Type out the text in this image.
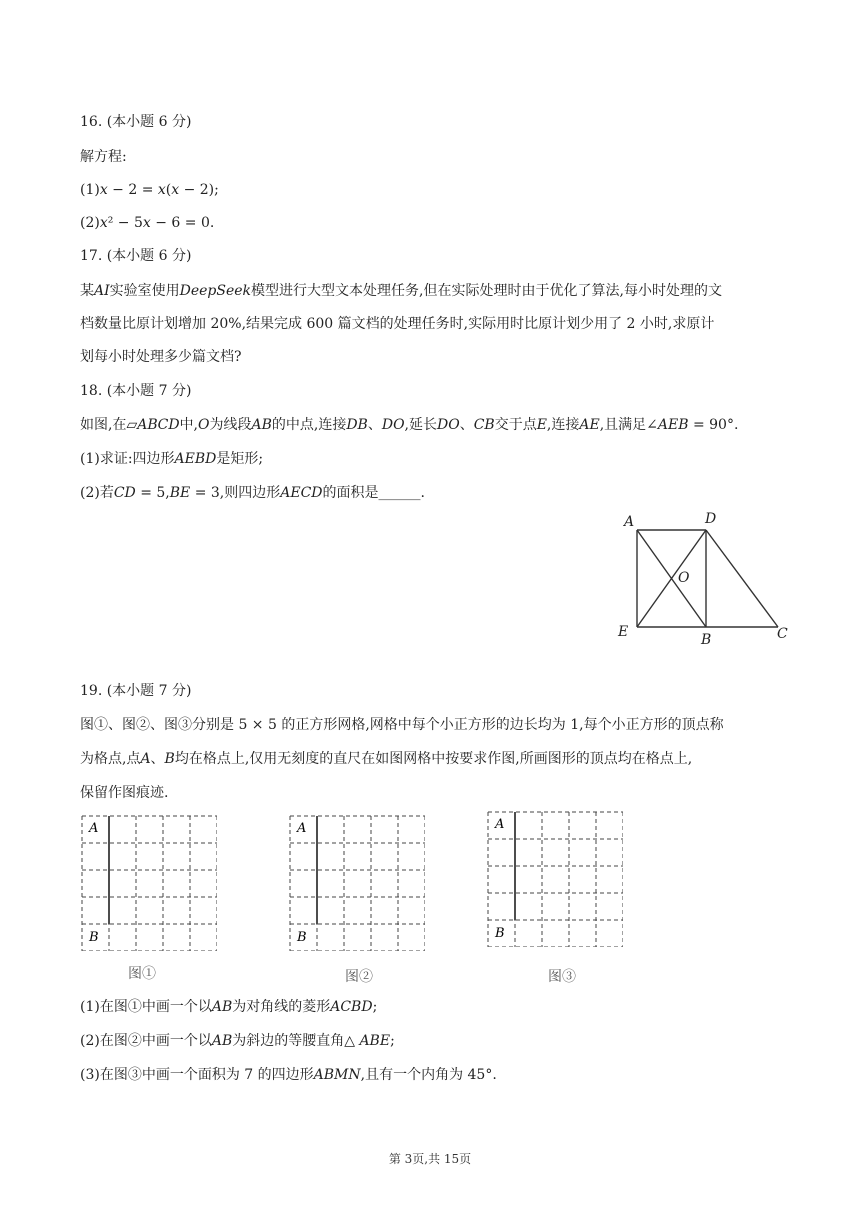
16. (本小题 6 分)
解方程:
(1)𝑥 − 2 = 𝑥(𝑥 − 2);
(2)𝑥² − 5𝑥 − 6 = 0.
17. (本小题 6 分)
某𝐴𝐼实验室使用𝐷𝑒𝑒𝑝𝑆𝑒𝑒𝑘模型进行大型文本处理任务,但在实际处理时由于优化了算法,每小时处理的文
档数量比原计划增加 20%,结果完成 600 篇文档的处理任务时,实际用时比原计划少用了 2 小时,求原计
划每小时处理多少篇文档?
18. (本小题 7 分)
如图,在▱𝐴𝐵𝐶𝐷中,𝑂为线段𝐴𝐵的中点,连接𝐷𝐵、𝐷𝑂,延长𝐷𝑂、𝐶𝐵交于点𝐸,连接𝐴𝐸,且满足∠𝐴𝐸𝐵 = 90°.
(1)求证:四边形𝐴𝐸𝐵𝐷是矩形;
(2)若𝐶𝐷 = 5,𝐵𝐸 = 3,则四边形𝐴𝐸𝐶𝐷的面积是______.
A	D
O
E	B	C
19. (本小题 7 分)
图①、图②、图③分别是 5 × 5 的正方形网格,网格中每个小正方形的边长均为 1,每个小正方形的顶点称
为格点,点𝐴、𝐵均在格点上,仅用无刻度的直尺在如图网格中按要求作图,所画图形的顶点均在格点上,
保留作图痕迹.
A
B
A
B
A
B
图①	图②	图③
(1)在图①中画一个以𝐴𝐵为对角线的菱形𝐴𝐶𝐵𝐷;
(2)在图②中画一个以𝐴𝐵为斜边的等腰直角△ 𝐴𝐵𝐸;
(3)在图③中画一个面积为 7 的四边形𝐴𝐵𝑀𝑁,且有一个内角为 45°.
第 3页,共 15页
